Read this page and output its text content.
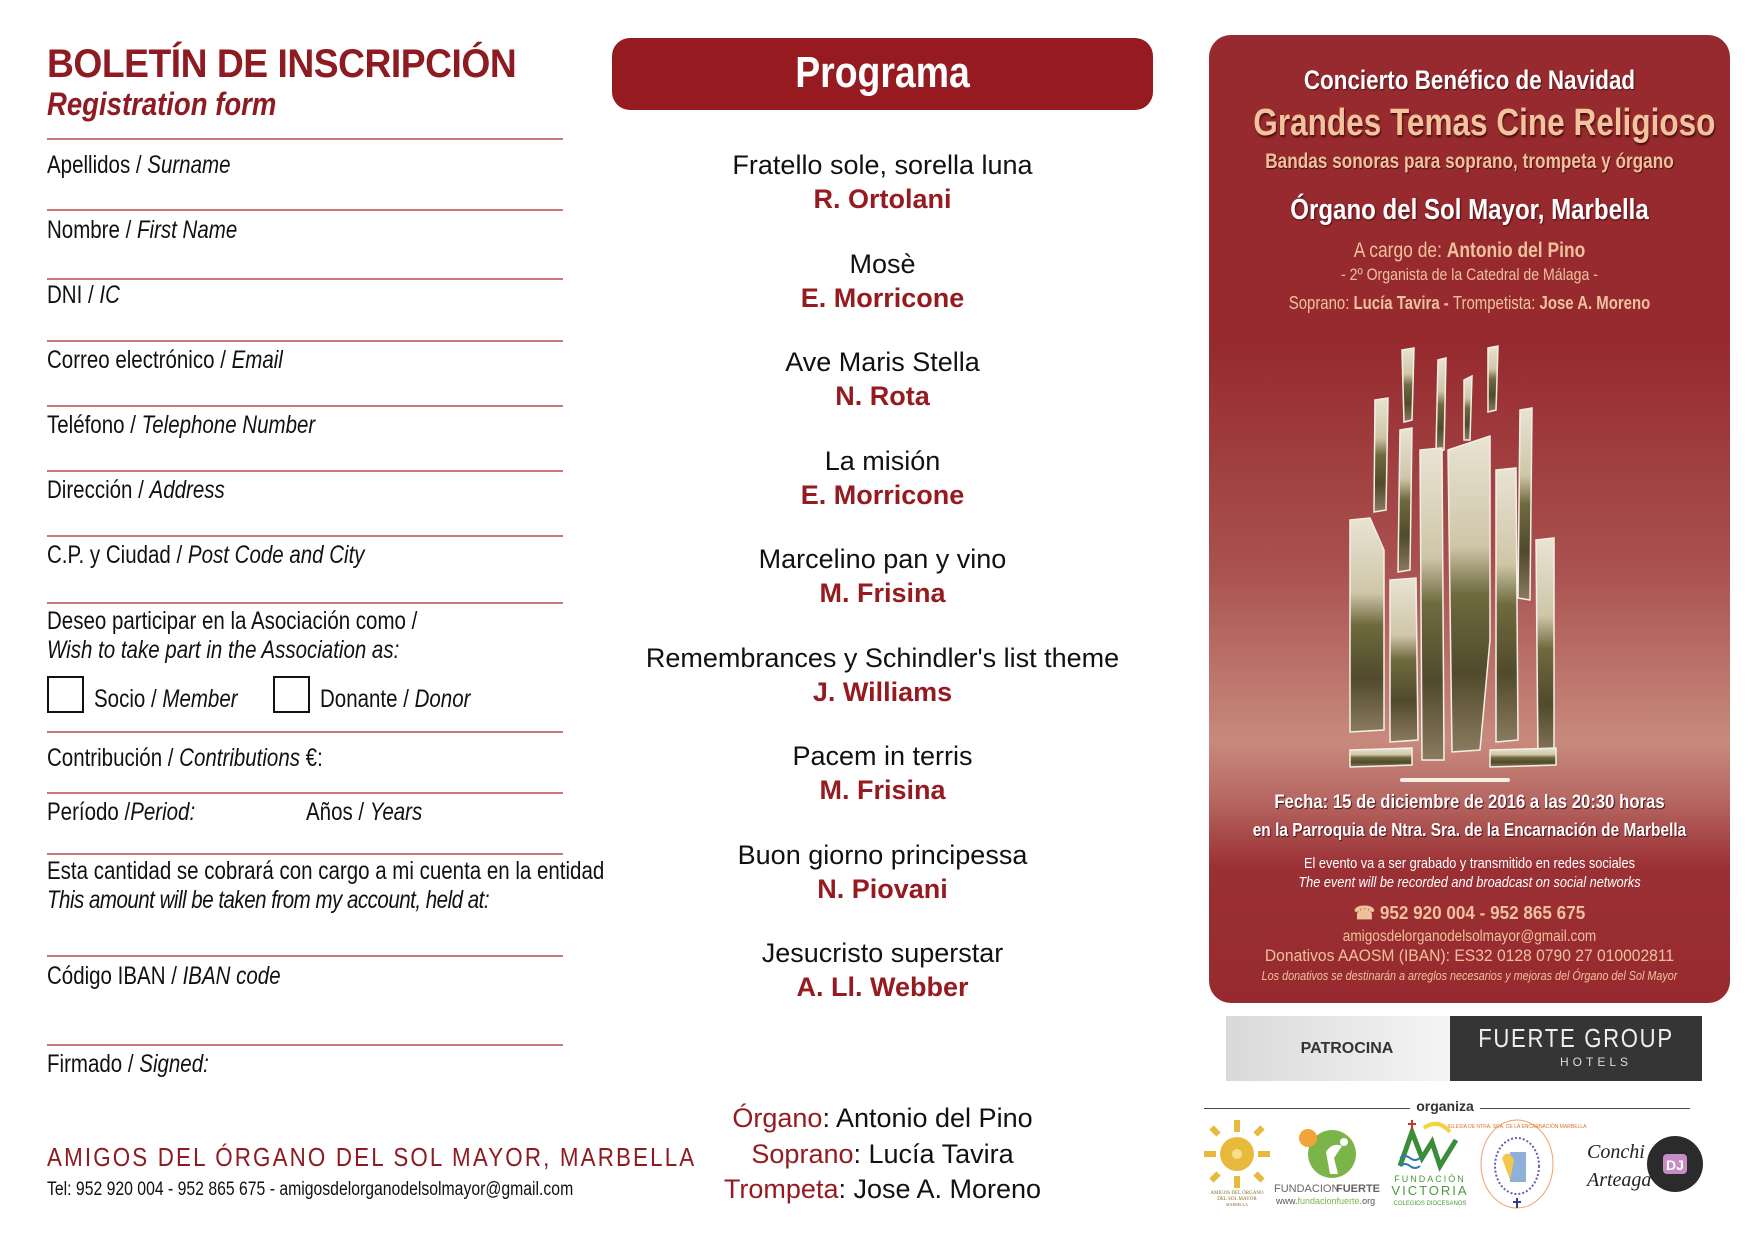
BOLETÍN DE INSCRIPCIÓN
Registration form
Apellidos / Surname
Nombre / First Name
DNI / IC
Correo electrónico / Email
Teléfono / Telephone Number
Dirección / Address
C.P. y Ciudad / Post Code and City
Deseo participar en la Asociación como /
Wish to take part in the Association as:
Socio / Member	Donante / Donor
Contribución / Contributions €:
Período /Period:	Años / Years
Esta cantidad se cobrará con cargo a mi cuenta en la entidad
This amount will be taken from my account, held at:
Código IBAN / IBAN code
Firmado / Signed:
AMIGOS DEL ÓRGANO DEL SOL MAYOR, MARBELLA
Tel: 952 920 004 - 952 865 675 - amigosdelorganodelsolmayor@gmail.com
Programa
Fratello sole, sorella luna
R. Ortolani
Mosè
E. Morricone
Ave Maris Stella
N. Rota
La misión
E. Morricone
Marcelino pan y vino
M. Frisina
Remembrances y Schindler's list theme
J. Williams
Pacem in terris
M. Frisina
Buon giorno principessa
N. Piovani
Jesucristo superstar
A. Ll. Webber
Órgano: Antonio del Pino
Soprano: Lucía Tavira
Trompeta: Jose A. Moreno
Concierto Benéfico de Navidad
Grandes Temas Cine Religioso
Bandas sonoras para soprano, trompeta y órgano
Órgano del Sol Mayor, Marbella
A cargo de: Antonio del Pino
- 2º Organista de la Catedral de Málaga -
Soprano: Lucía Tavira - Trompetista: Jose A. Moreno
Fecha: 15 de diciembre de 2016 a las 20:30 horas
en la Parroquia de Ntra. Sra. de la Encarnación de Marbella
El evento va a ser grabado y transmitido en redes sociales
The event will be recorded and broadcast on social networks
☎ 952 920 004 - 952 865 675
amigosdelorganodelsolmayor@gmail.com
Donativos AAOSM (IBAN): ES32 0128 0790 27 010002811
Los donativos se destinarán a arreglos necesarios y mejoras del Órgano del Sol Mayor
PATROCINA	FUERTE GROUP
HOTELS
organiza
AMIGOS DEL ÓRGANO
DEL SOL MAYOR
MARBELLA
FUNDACION
FUERTE
www.fundacionfuerte.org
FUNDACIÓN
VICTORIA
COLEGIOS DIOCESANOS
IGLESIA DE NTRA. SRA. DE LA ENCARNACIÓN MARBELLA
DJ
Conchi
Arteaga
